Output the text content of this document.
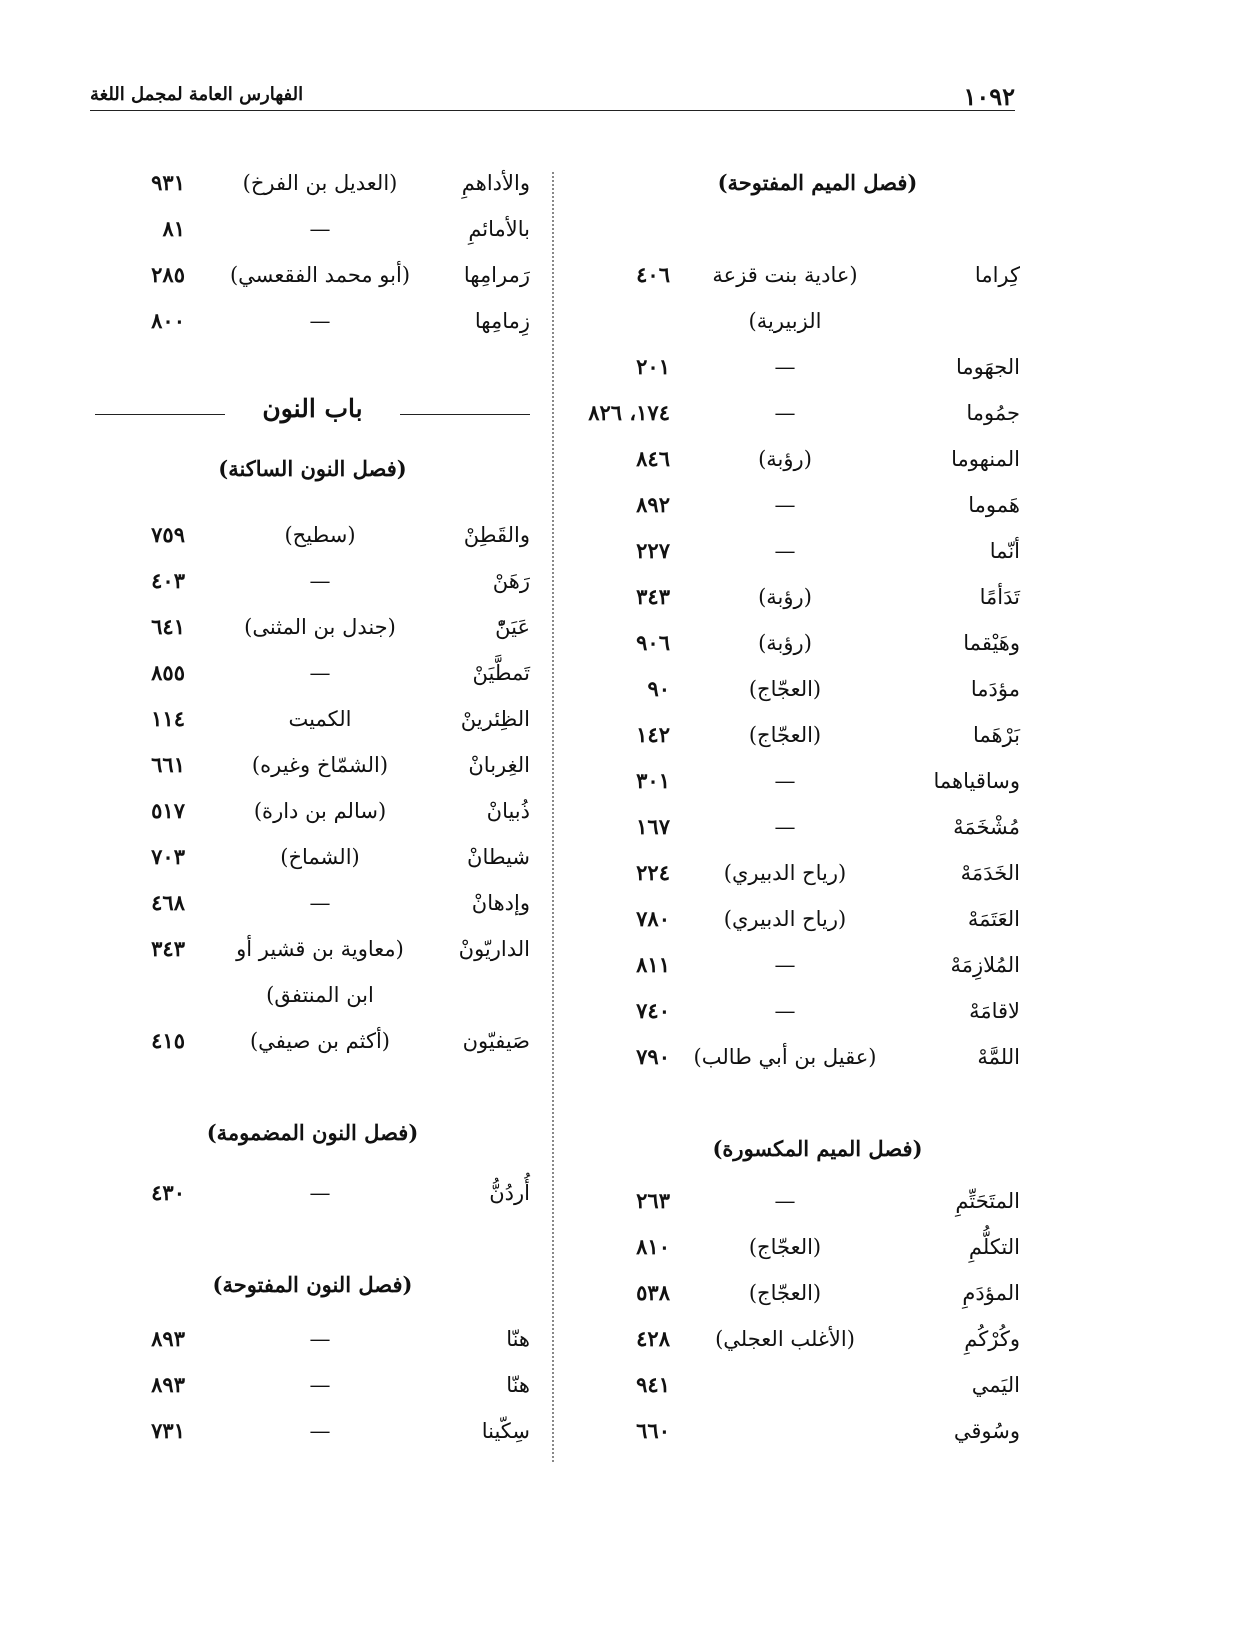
١٠٩٢
الفهارس العامة لمجمل اللغة
(فصل الميم المفتوحة)
كِراما
(عادية بنت قزعة
٤٠٦
الزبيرية)
الجهَوما
—
٢٠١
جمُوما
—
١٧٤، ٨٢٦
المنهوما
(رؤبة)
٨٤٦
هَموما
—
٨٩٢
أنّما
—
٢٢٧
تَدَأمًا
(رؤبة)
٣٤٣
وهَيْقما
(رؤبة)
٩٠٦
مؤدَما
(العجّاج)
٩٠
بَرْهَما
(العجّاج)
١٤٢
وساقياهما
—
٣٠١
مُشْخَمَهْ
—
١٦٧
الخَدَمَهْ
(رياح الدبيري)
٢٢٤
العَتَمَهْ
(رياح الدبيري)
٧٨٠
المُلازِمَهْ
—
٨١١
لاقامَهْ
—
٧٤٠
اللمَّهْ
(عقيل بن أبي طالب)
٧٩٠
(فصل الميم المكسورة)
المتَحَتِّمِ
—
٢٦٣
التكلُّمِ
(العجّاج)
٨١٠
المؤدَمِ
(العجّاج)
٥٣٨
وكُرْكُمِ
(الأغلب العجلي)
٤٢٨
اليَمي
٩٤١
وسُوقي
٦٦٠
والأداهمِ
(العديل بن الفرخ)
٩٣١
بالأمائمِ
—
٨١
رَمرامِها
(أبو محمد الفقعسي)
٢٨٥
زِمامِها
—
٨٠٠
باب النون
(فصل النون الساكنة)
والقَطِنْ
(سطيح)
٧٥٩
رَهَنْ
—
٤٠٣
عَيَنّْ
(جندل بن المثنى)
٦٤١
تَمطَّيَنْ
—
٨٥٥
الظِئرينْ
الكميت
١١٤
الغِربانْ
(الشمّاخ وغيره)
٦٦١
ذُبيانْ
(سالم بن دارة)
٥١٧
شيطانْ
(الشماخ)
٧٠٣
وإدهانْ
—
٤٦٨
الداريّونْ
(معاوية بن قشير أو
٣٤٣
ابن المنتفق)
صَيفيّون
(أكثم بن صيفي)
٤١٥
(فصل النون المضمومة)
أُردُنُّ
—
٤٣٠
(فصل النون المفتوحة)
هنّا
—
٨٩٣
هنّا
—
٨٩٣
سِكّينا
—
٧٣١
